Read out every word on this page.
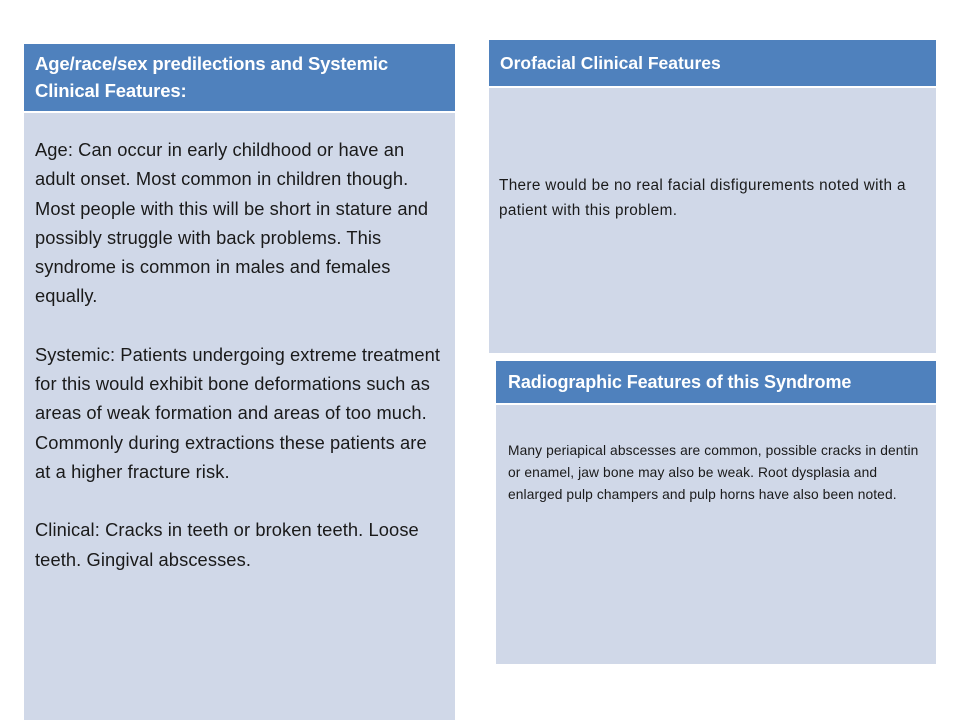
Age/race/sex predilections and Systemic Clinical Features:

Age: Can occur in early childhood or have an adult onset. Most common in children though. Most people with this will be short in stature and possibly struggle with back problems. This syndrome is common in males and females equally.

Systemic: Patients undergoing extreme treatment for this would exhibit bone deformations such as areas of weak formation and areas of too much. Commonly during extractions these patients are at a higher fracture risk.

Clinical: Cracks in teeth or broken teeth. Loose teeth. Gingival abscesses.

Orofacial Clinical Features
There would be no real facial disfigurements noted with a patient with this problem.
Radiographic Features of this Syndrome
Many periapical abscesses are common, possible cracks in dentin or enamel, jaw bone may also be weak. Root dysplasia and enlarged pulp champers and pulp horns have also been noted.
